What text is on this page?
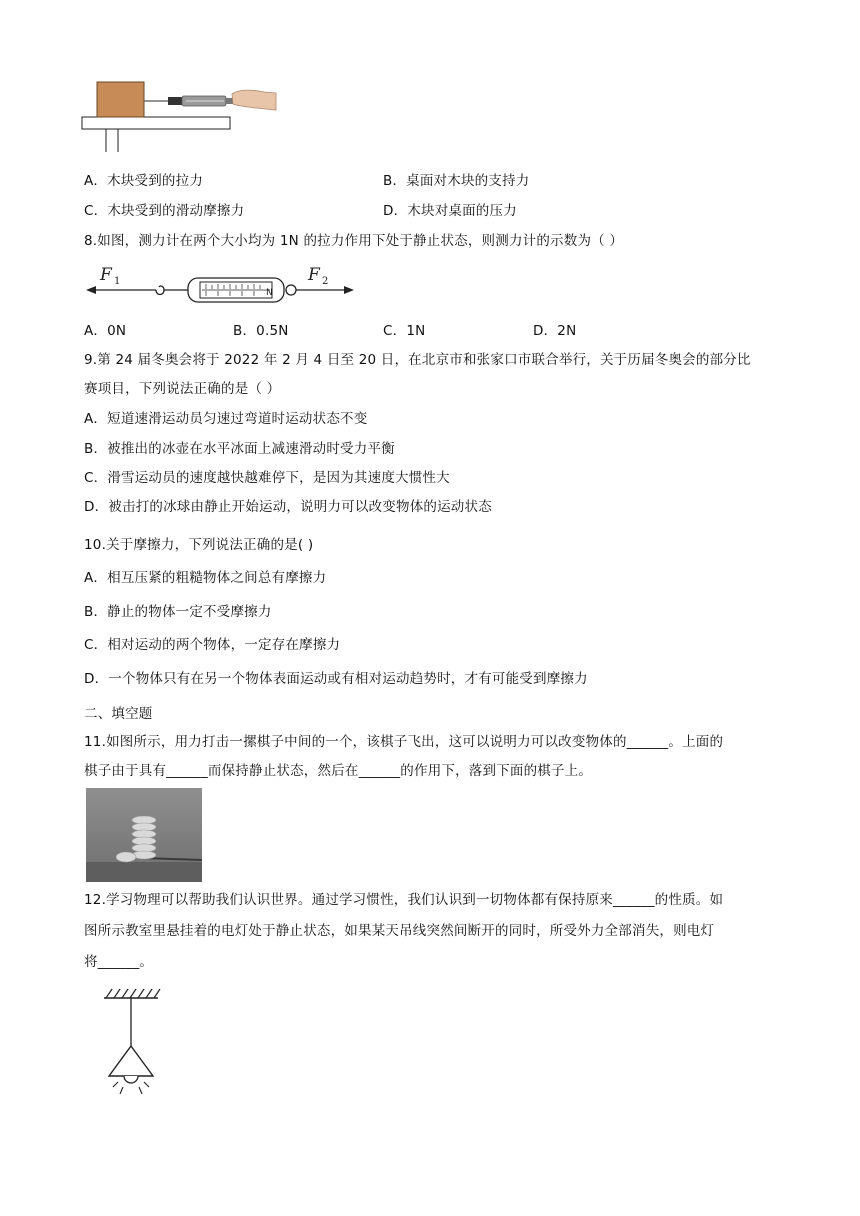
A．木块受到的拉力	B．桌面对木块的支持力
C．木块受到的滑动摩擦力	D．木块对桌面的压力
8.如图，测力计在两个大小均为 1N 的拉力作用下处于静止状态，则测力计的示数为（ ）
N
F 1	F 2
A．0N	B．0.5N	C．1N	D．2N
9.第 24 届冬奥会将于 2022 年 2 月 4 日至 20 日，在北京市和张家口市联合举行，关于历届冬奥会的部分比
赛项目，下列说法正确的是（ ）
A．短道速滑运动员匀速过弯道时运动状态不变
B．被推出的冰壶在水平冰面上减速滑动时受力平衡
C．滑雪运动员的速度越快越难停下，是因为其速度大惯性大
D．被击打的冰球由静止开始运动，说明力可以改变物体的运动状态
10.关于摩擦力，下列说法正确的是( )
A．相互压紧的粗糙物体之间总有摩擦力
B．静止的物体一定不受摩擦力
C．相对运动的两个物体，一定存在摩擦力
D．一个物体只有在另一个物体表面运动或有相对运动趋势时，才有可能受到摩擦力
二、填空题
11.如图所示，用力打击一摞棋子中间的一个，该棋子飞出，这可以说明力可以改变物体的______。上面的
棋子由于具有______而保持静止状态，然后在______的作用下，落到下面的棋子上。
12.学习物理可以帮助我们认识世界。通过学习惯性，我们认识到一切物体都有保持原来______的性质。如
图所示教室里悬挂着的电灯处于静止状态，如果某天吊线突然间断开的同时，所受外力全部消失，则电灯
将______。
